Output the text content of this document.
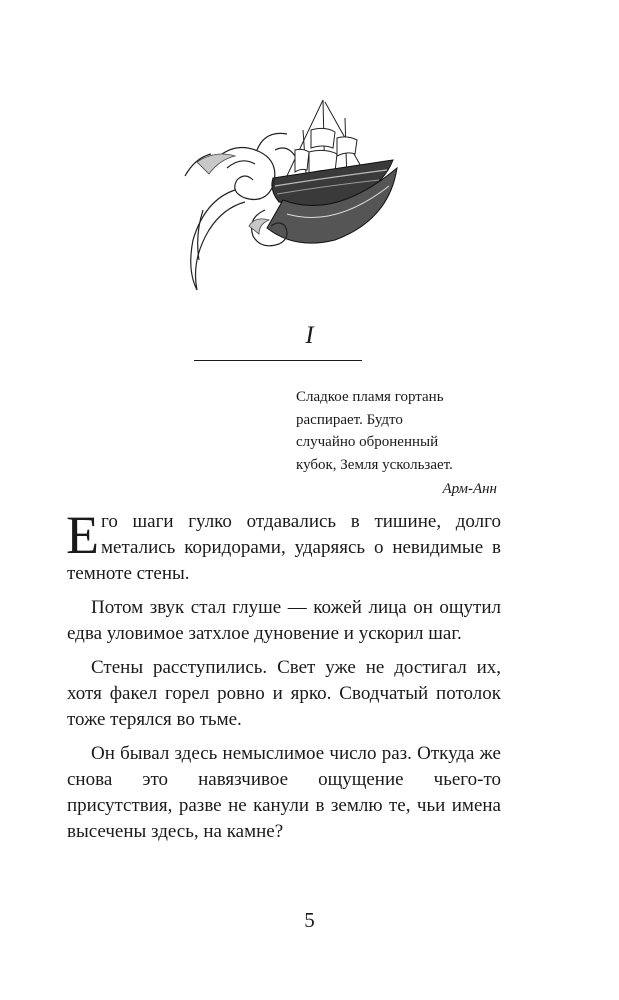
I
Сладкое пламя гортань
распирает. Будто
случайно оброненный
кубок, Земля ускользает.
Арм-Анн

Его шаги гулко отдавались в тишине, долго метались коридорами, ударяясь о невидимые в темноте стены.

Потом звук стал глуше — кожей лица он ощутил едва уловимое затхлое дуновение и ускорил шаг.

Стены расступились. Свет уже не достигал их, хотя факел горел ровно и ярко. Сводчатый потолок тоже терялся во тьме.

Он бывал здесь немыслимое число раз. Откуда же снова это навязчивое ощущение чьего-то присутствия, разве не канули в землю те, чьи имена высечены здесь, на камне?

5
